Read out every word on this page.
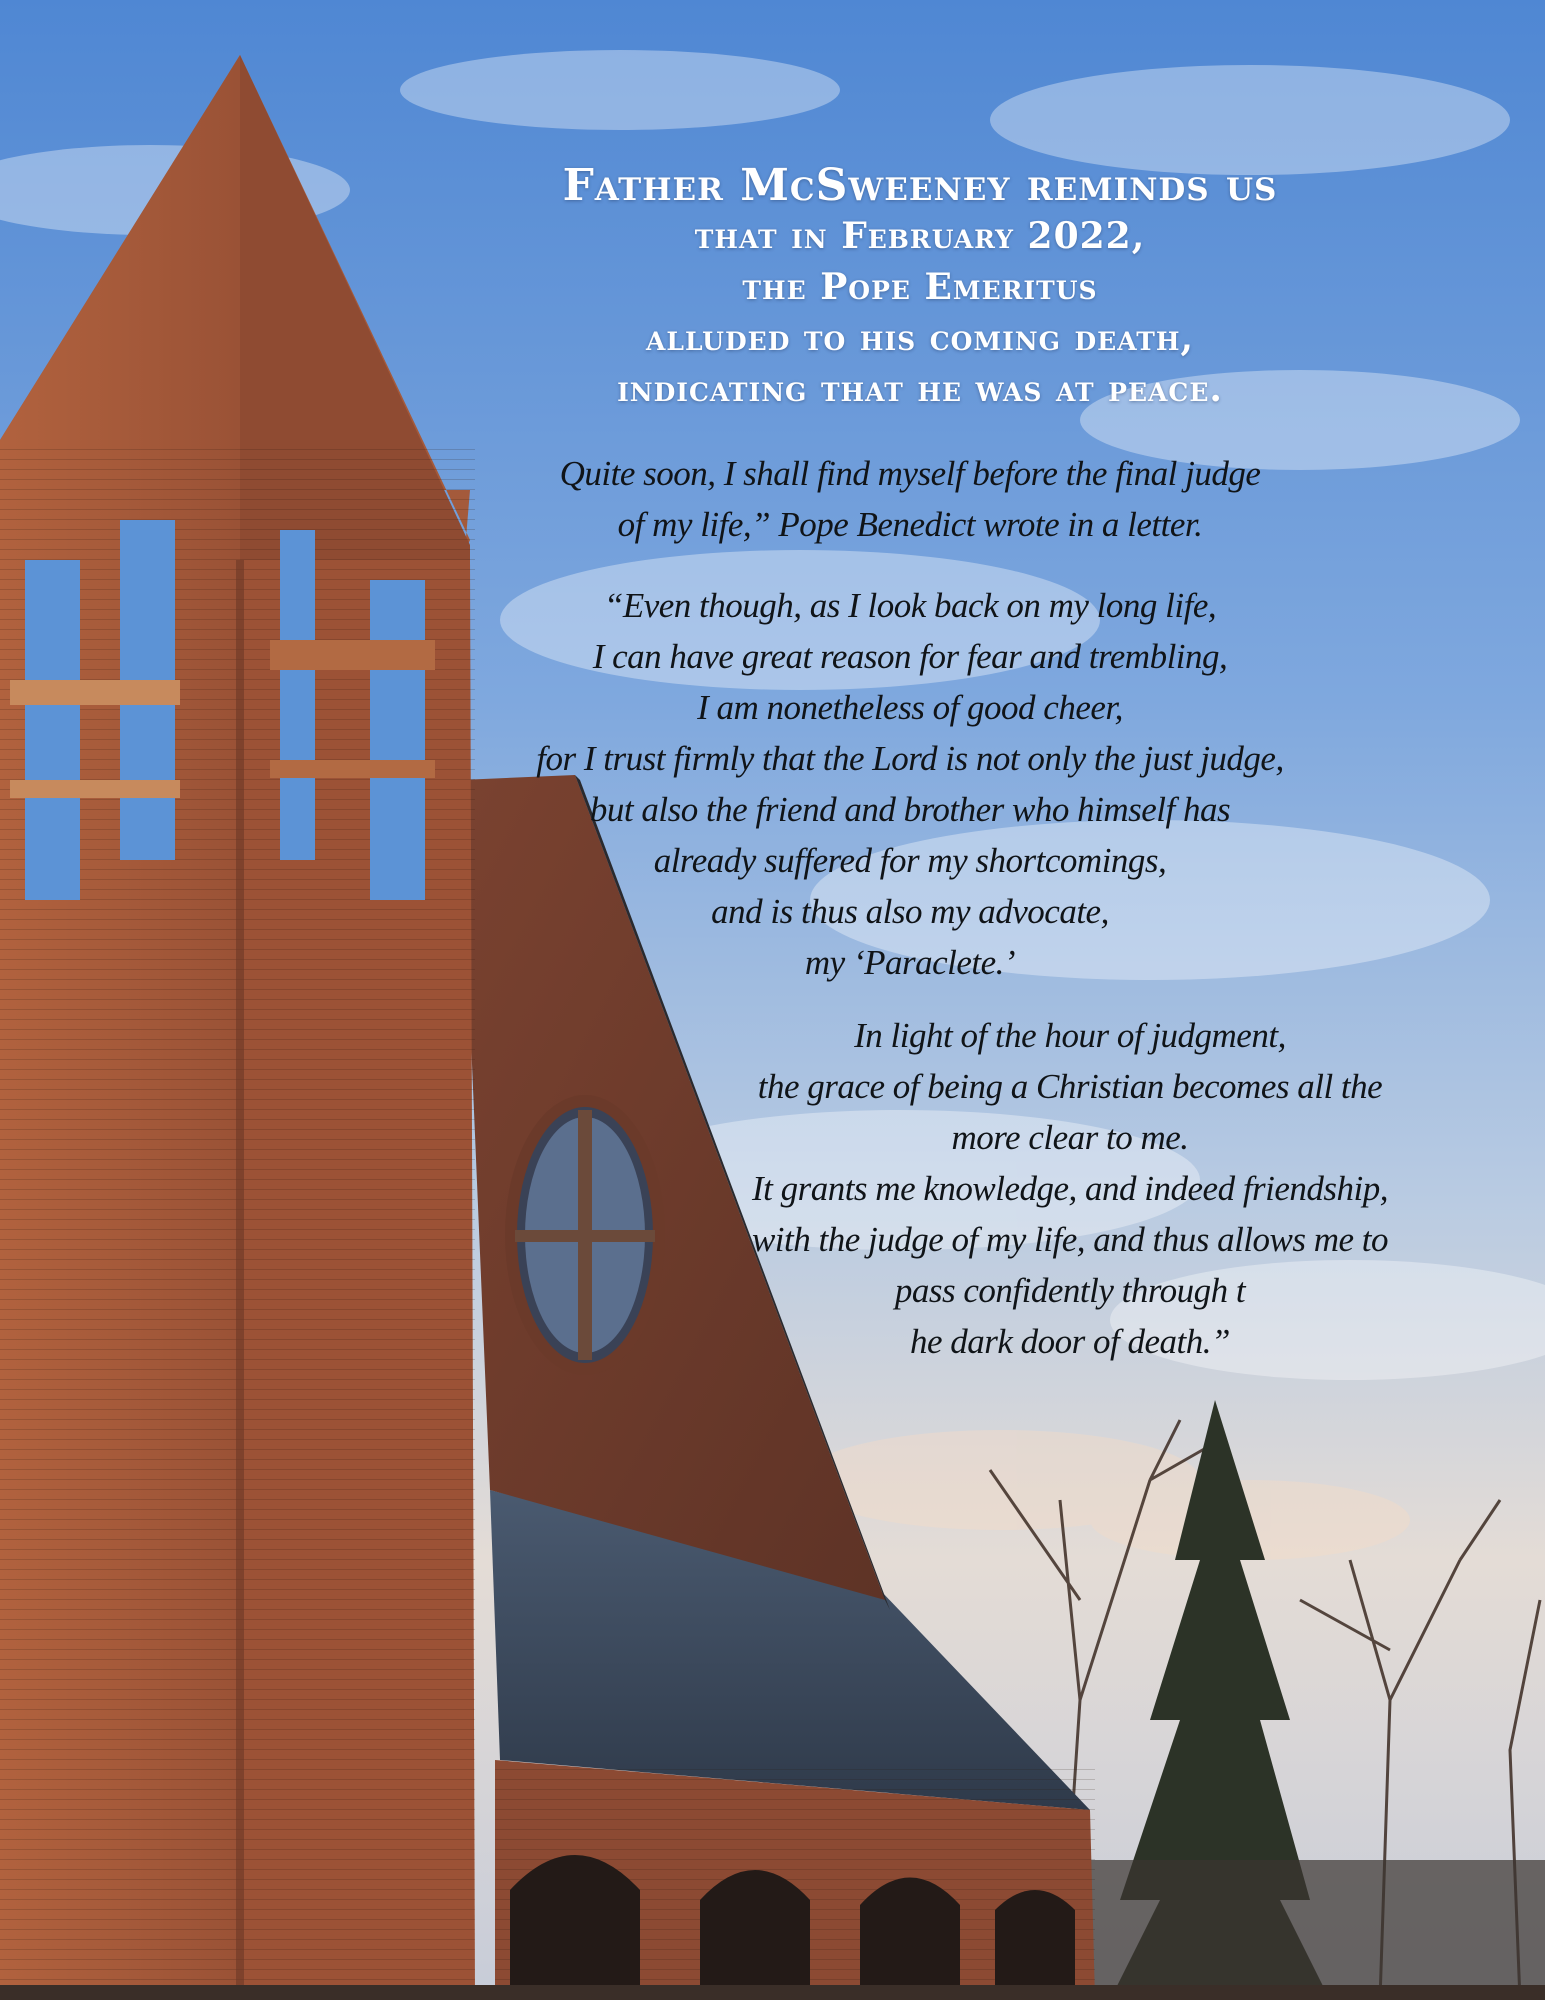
Father McSweeney reminds us
that in February 2022,
the Pope Emeritus
alluded to his coming death,
indicating that he was at peace.
Quite soon, I shall find myself before the final judge
of my life,” Pope Benedict wrote in a letter.
“Even though, as I look back on my long life,
I can have great reason for fear and trembling,
I am nonetheless of good cheer,
for I trust firmly that the Lord is not only the just judge,
but also the friend and brother who himself has
already suffered for my shortcomings,
and is thus also my advocate,
my ‘Paraclete.’
In light of the hour of judgment,
the grace of being a Christian becomes all the
more clear to me.
It grants me knowledge, and indeed friendship,
with the judge of my life, and thus allows me to
pass confidently through t
he dark door of death.”
